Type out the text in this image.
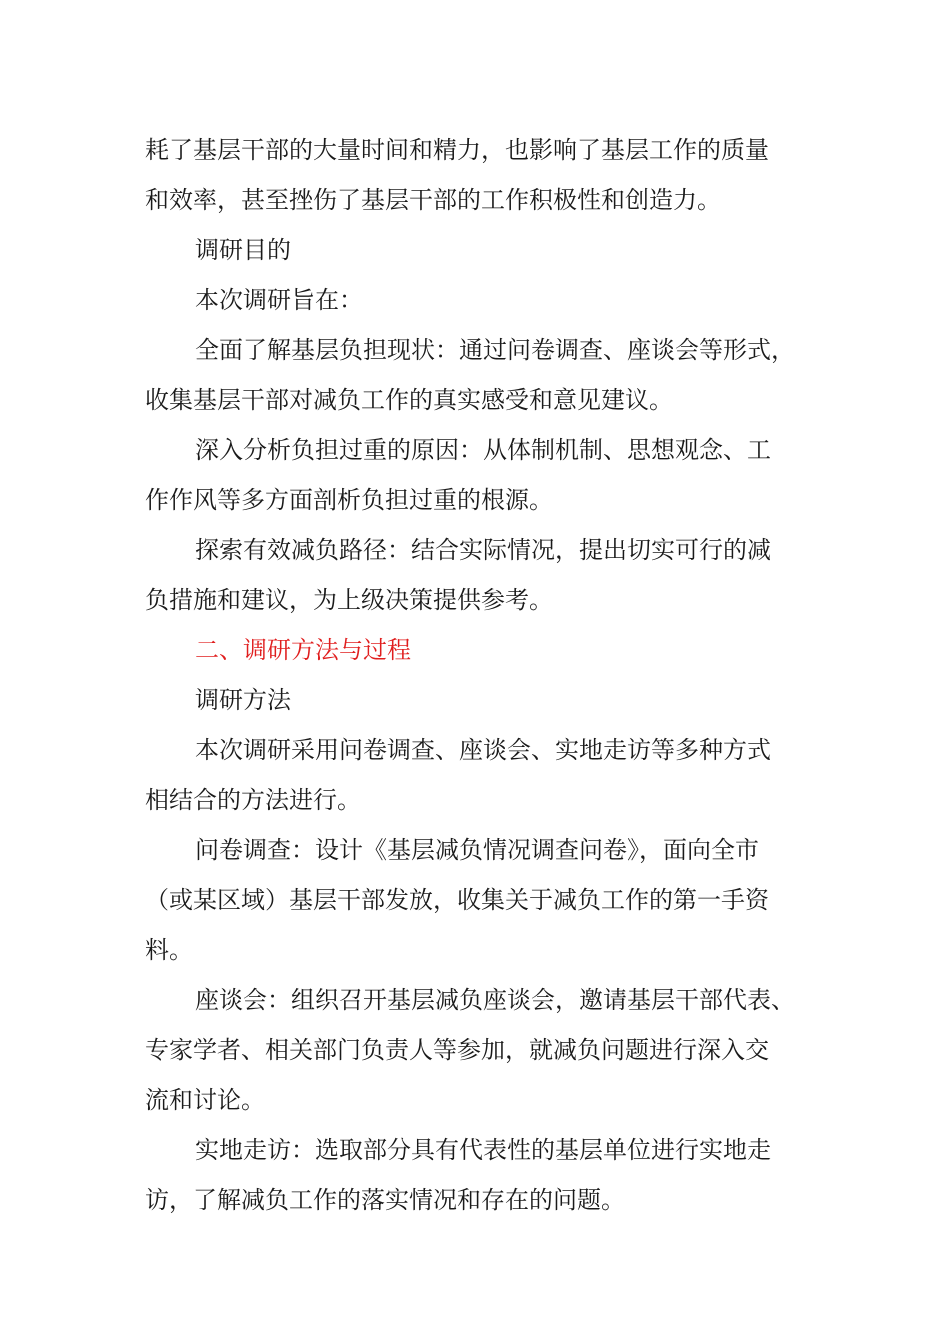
耗了基层干部的大量时间和精力，也影响了基层工作的质量
和效率，甚至挫伤了基层干部的工作积极性和创造力。
调研目的
本次调研旨在：
全面了解基层负担现状：通过问卷调查、座谈会等形式，
收集基层干部对减负工作的真实感受和意见建议。
深入分析负担过重的原因：从体制机制、思想观念、工
作作风等多方面剖析负担过重的根源。
探索有效减负路径：结合实际情况，提出切实可行的减
负措施和建议，为上级决策提供参考。
二、调研方法与过程
调研方法
本次调研采用问卷调查、座谈会、实地走访等多种方式
相结合的方法进行。
问卷调查：设计《基层减负情况调查问卷》，面向全市
（或某区域）基层干部发放，收集关于减负工作的第一手资
料。
座谈会：组织召开基层减负座谈会，邀请基层干部代表、
专家学者、相关部门负责人等参加，就减负问题进行深入交
流和讨论。
实地走访：选取部分具有代表性的基层单位进行实地走
访，了解减负工作的落实情况和存在的问题。
